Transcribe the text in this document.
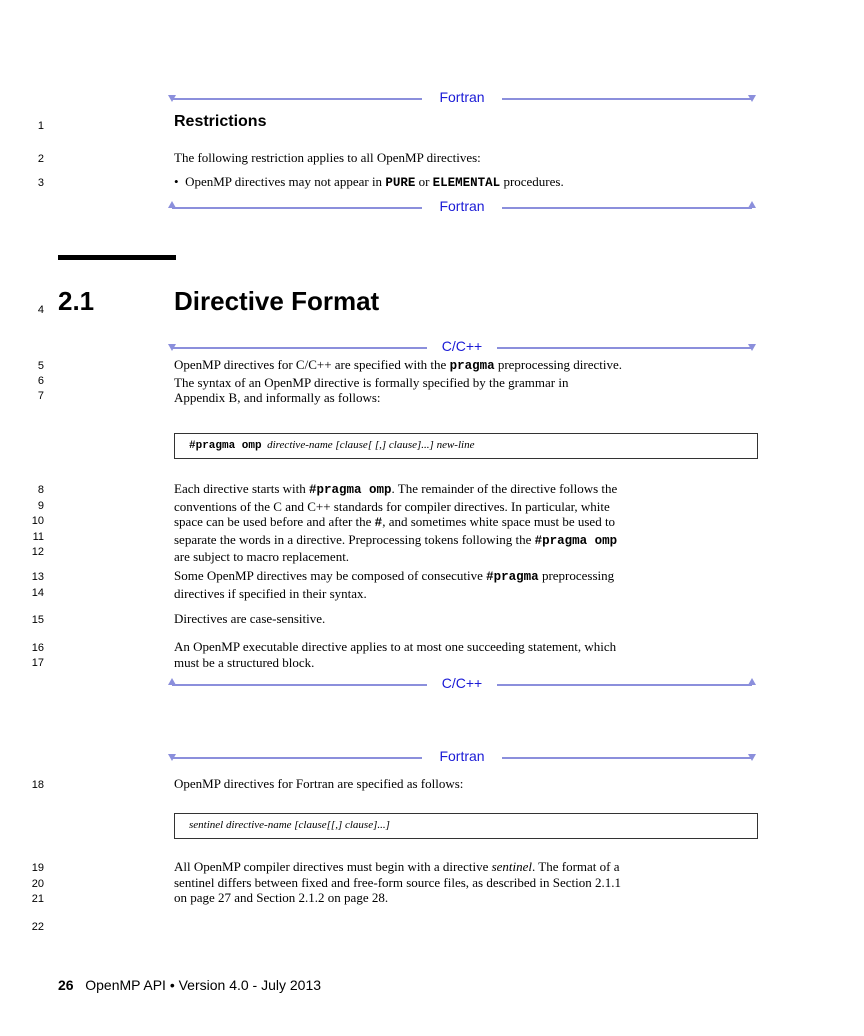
Fortran
1	Restrictions
2	The following restriction applies to all OpenMP directives:
3	•  OpenMP directives may not appear in PURE or ELEMENTAL procedures.
Fortran
4 2.1	Directive Format
C/C++
5
6
7
OpenMP directives for C/C++ are specified with the pragma preprocessing directive.
The syntax of an OpenMP directive is formally specified by the grammar in
Appendix B, and informally as follows:
#pragma omp directive-name [clause[ [,] clause]...] new-line
8
9
10
11
12
Each directive starts with #pragma omp. The remainder of the directive follows the
conventions of the C and C++ standards for compiler directives. In particular, white
space can be used before and after the #, and sometimes white space must be used to
separate the words in a directive. Preprocessing tokens following the #pragma omp
are subject to macro replacement.
13
14
Some OpenMP directives may be composed of consecutive #pragma preprocessing
directives if specified in their syntax.
15	Directives are case-sensitive.
16
17
An OpenMP executable directive applies to at most one succeeding statement, which
must be a structured block.
C/C++
Fortran
18	OpenMP directives for Fortran are specified as follows:
sentinel directive-name [clause[[,] clause]...]
19
20
21
All OpenMP compiler directives must begin with a directive sentinel. The format of a
sentinel differs between fixed and free-form source files, as described in Section 2.1.1
on page 27 and Section 2.1.2 on page 28.
22
26 OpenMP API • Version 4.0 - July 2013
